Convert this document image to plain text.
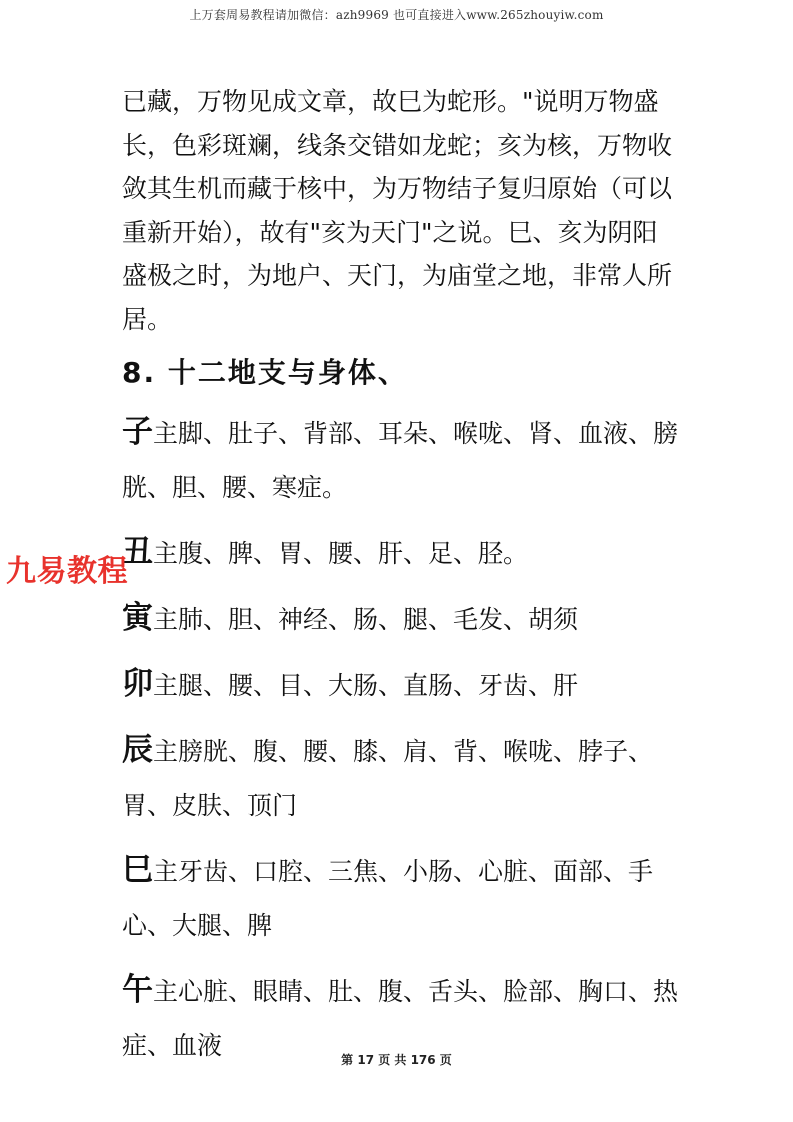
上万套周易教程请加微信：azh9969 也可直接进入www.265zhouyiw.com

已藏，万物见成文章，故巳为蛇形。"说明万物盛长，色彩斑斓，线条交错如龙蛇；亥为核，万物收敛其生机而藏于核中，为万物结子复归原始（可以重新开始），故有"亥为天门"之说。巳、亥为阴阳盛极之时，为地户、天门，为庙堂之地，非常人所居。

8. 十二地支与身体、
子主脚、肚子、背部、耳朵、喉咙、肾、血液、膀胱、胆、腰、寒症。
丑主腹、脾、胃、腰、肝、足、胫。
寅主肺、胆、神经、肠、腿、毛发、胡须
卯主腿、腰、目、大肠、直肠、牙齿、肝
辰主膀胱、腹、腰、膝、肩、背、喉咙、脖子、胃、皮肤、顶门
巳主牙齿、口腔、三焦、小肠、心脏、面部、手心、大腿、脾
午主心脏、眼睛、肚、腹、舌头、脸部、胸口、热症、血液
九易教程
第 17 页 共 176 页
